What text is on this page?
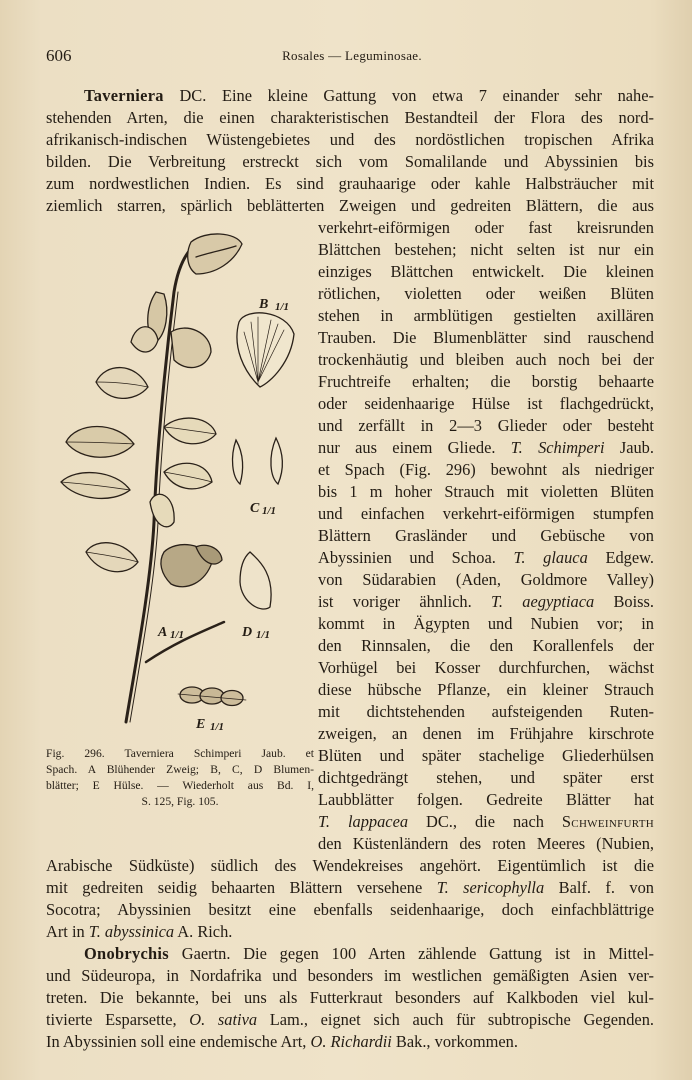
606	Rosales — Leguminosae.
Taverniera DC. Eine kleine Gattung von etwa 7 einander sehr nahe-
stehenden Arten, die einen charakteristischen Bestandteil der Flora des nord-
afrikanisch-indischen Wüstengebietes und des nordöstlichen tropischen Afrika
bilden. Die Verbreitung erstreckt sich vom Somalilande und Abyssinien bis
zum nordwestlichen Indien. Es sind grauhaarige oder kahle Halbsträucher mit
ziemlich starren, spärlich beblätterten Zweigen und gedreiten Blättern, die aus
verkehrt-eiförmigen oder fast kreisrunden
Blättchen bestehen; nicht selten ist nur ein
einziges Blättchen entwickelt. Die kleinen
rötlichen, violetten oder weißen Blüten
stehen in armblütigen gestielten axillären
Trauben. Die Blumenblätter sind rauschend
trockenhäutig und bleiben auch noch bei der
Fruchtreife erhalten; die borstig behaarte
oder seidenhaarige Hülse ist flachgedrückt,
und zerfällt in 2—3 Glieder oder besteht
nur aus einem Gliede. T. Schimperi Jaub.
et Spach (Fig. 296) bewohnt als niedriger
bis 1 m hoher Strauch mit violetten Blüten
und einfachen verkehrt-eiförmigen stumpfen
Blättern Grasländer und Gebüsche von
Abyssinien und Schoa. T. glauca Edgew.
von Südarabien (Aden, Goldmore Valley)
ist voriger ähnlich. T. aegyptiaca Boiss.
kommt in Ägypten und Nubien vor; in
den Rinnsalen, die den Korallenfels der
Vorhügel bei Kosser durchfurchen, wächst
diese hübsche Pflanze, ein kleiner Strauch
mit dichtstehenden aufsteigenden Ruten-
zweigen, an denen im Frühjahre kirschrote
Blüten und später stachelige Gliederhülsen
dichtgedrängt stehen, und später erst
Laubblätter folgen. Gedreite Blätter hat
T. lappacea DC., die nach Schweinfurth
den Küstenländern des roten Meeres (Nubien,
Arabische Südküste) südlich des Wendekreises angehört. Eigentümlich ist die
mit gedreiten seidig behaarten Blättern versehene T. sericophylla Balf. f. von
Socotra; Abyssinien besitzt eine ebenfalls seidenhaarige, doch einfachblättrige
Art in T. abyssinica A. Rich.
Onobrychis Gaertn. Die gegen 100 Arten zählende Gattung ist in Mittel-
und Südeuropa, in Nordafrika und besonders im westlichen gemäßigten Asien ver-
treten. Die bekannte, bei uns als Futterkraut besonders auf Kalkboden viel kul-
tivierte Esparsette, O. sativa Lam., eignet sich auch für subtropische Gegenden.
In Abyssinien soll eine endemische Art, O. Richardii Bak., vorkommen.
B 1/1
C 1/1
A 1/1	D 1/1
E 1/1
Fig. 296. Taverniera Schimperi Jaub. et
Spach. A Blühender Zweig; B, C, D Blumen-
blätter; E Hülse. — Wiederholt aus Bd. I,
S. 125, Fig. 105.
